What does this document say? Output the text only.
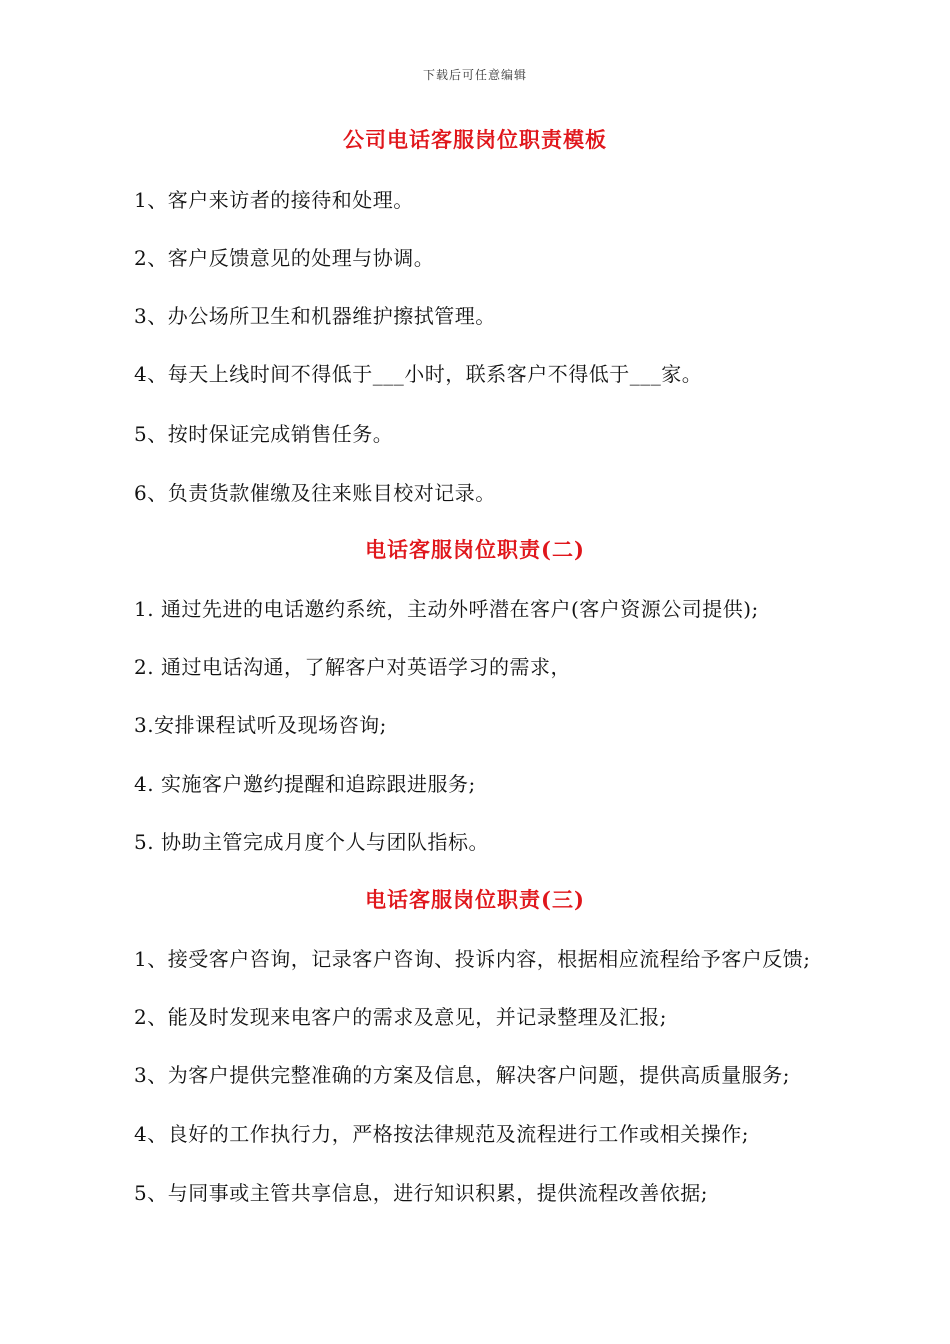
下载后可任意编辑
公司电话客服岗位职责模板
1、客户来访者的接待和处理。
2、客户反馈意见的处理与协调。
3、办公场所卫生和机器维护擦拭管理。
4、每天上线时间不得低于___小时，联系客户不得低于___家。
5、按时保证完成销售任务。
6、负责货款催缴及往来账目校对记录。
电话客服岗位职责(二)
1. 通过先进的电话邀约系统，主动外呼潜在客户(客户资源公司提供);
2. 通过电话沟通，了解客户对英语学习的需求，
3.安排课程试听及现场咨询;
4. 实施客户邀约提醒和追踪跟进服务;
5. 协助主管完成月度个人与团队指标。
电话客服岗位职责(三)
1、接受客户咨询，记录客户咨询、投诉内容，根据相应流程给予客户反馈;
2、能及时发现来电客户的需求及意见，并记录整理及汇报;
3、为客户提供完整准确的方案及信息，解决客户问题，提供高质量服务;
4、良好的工作执行力，严格按法律规范及流程进行工作或相关操作;
5、与同事或主管共享信息，进行知识积累，提供流程改善依据;
